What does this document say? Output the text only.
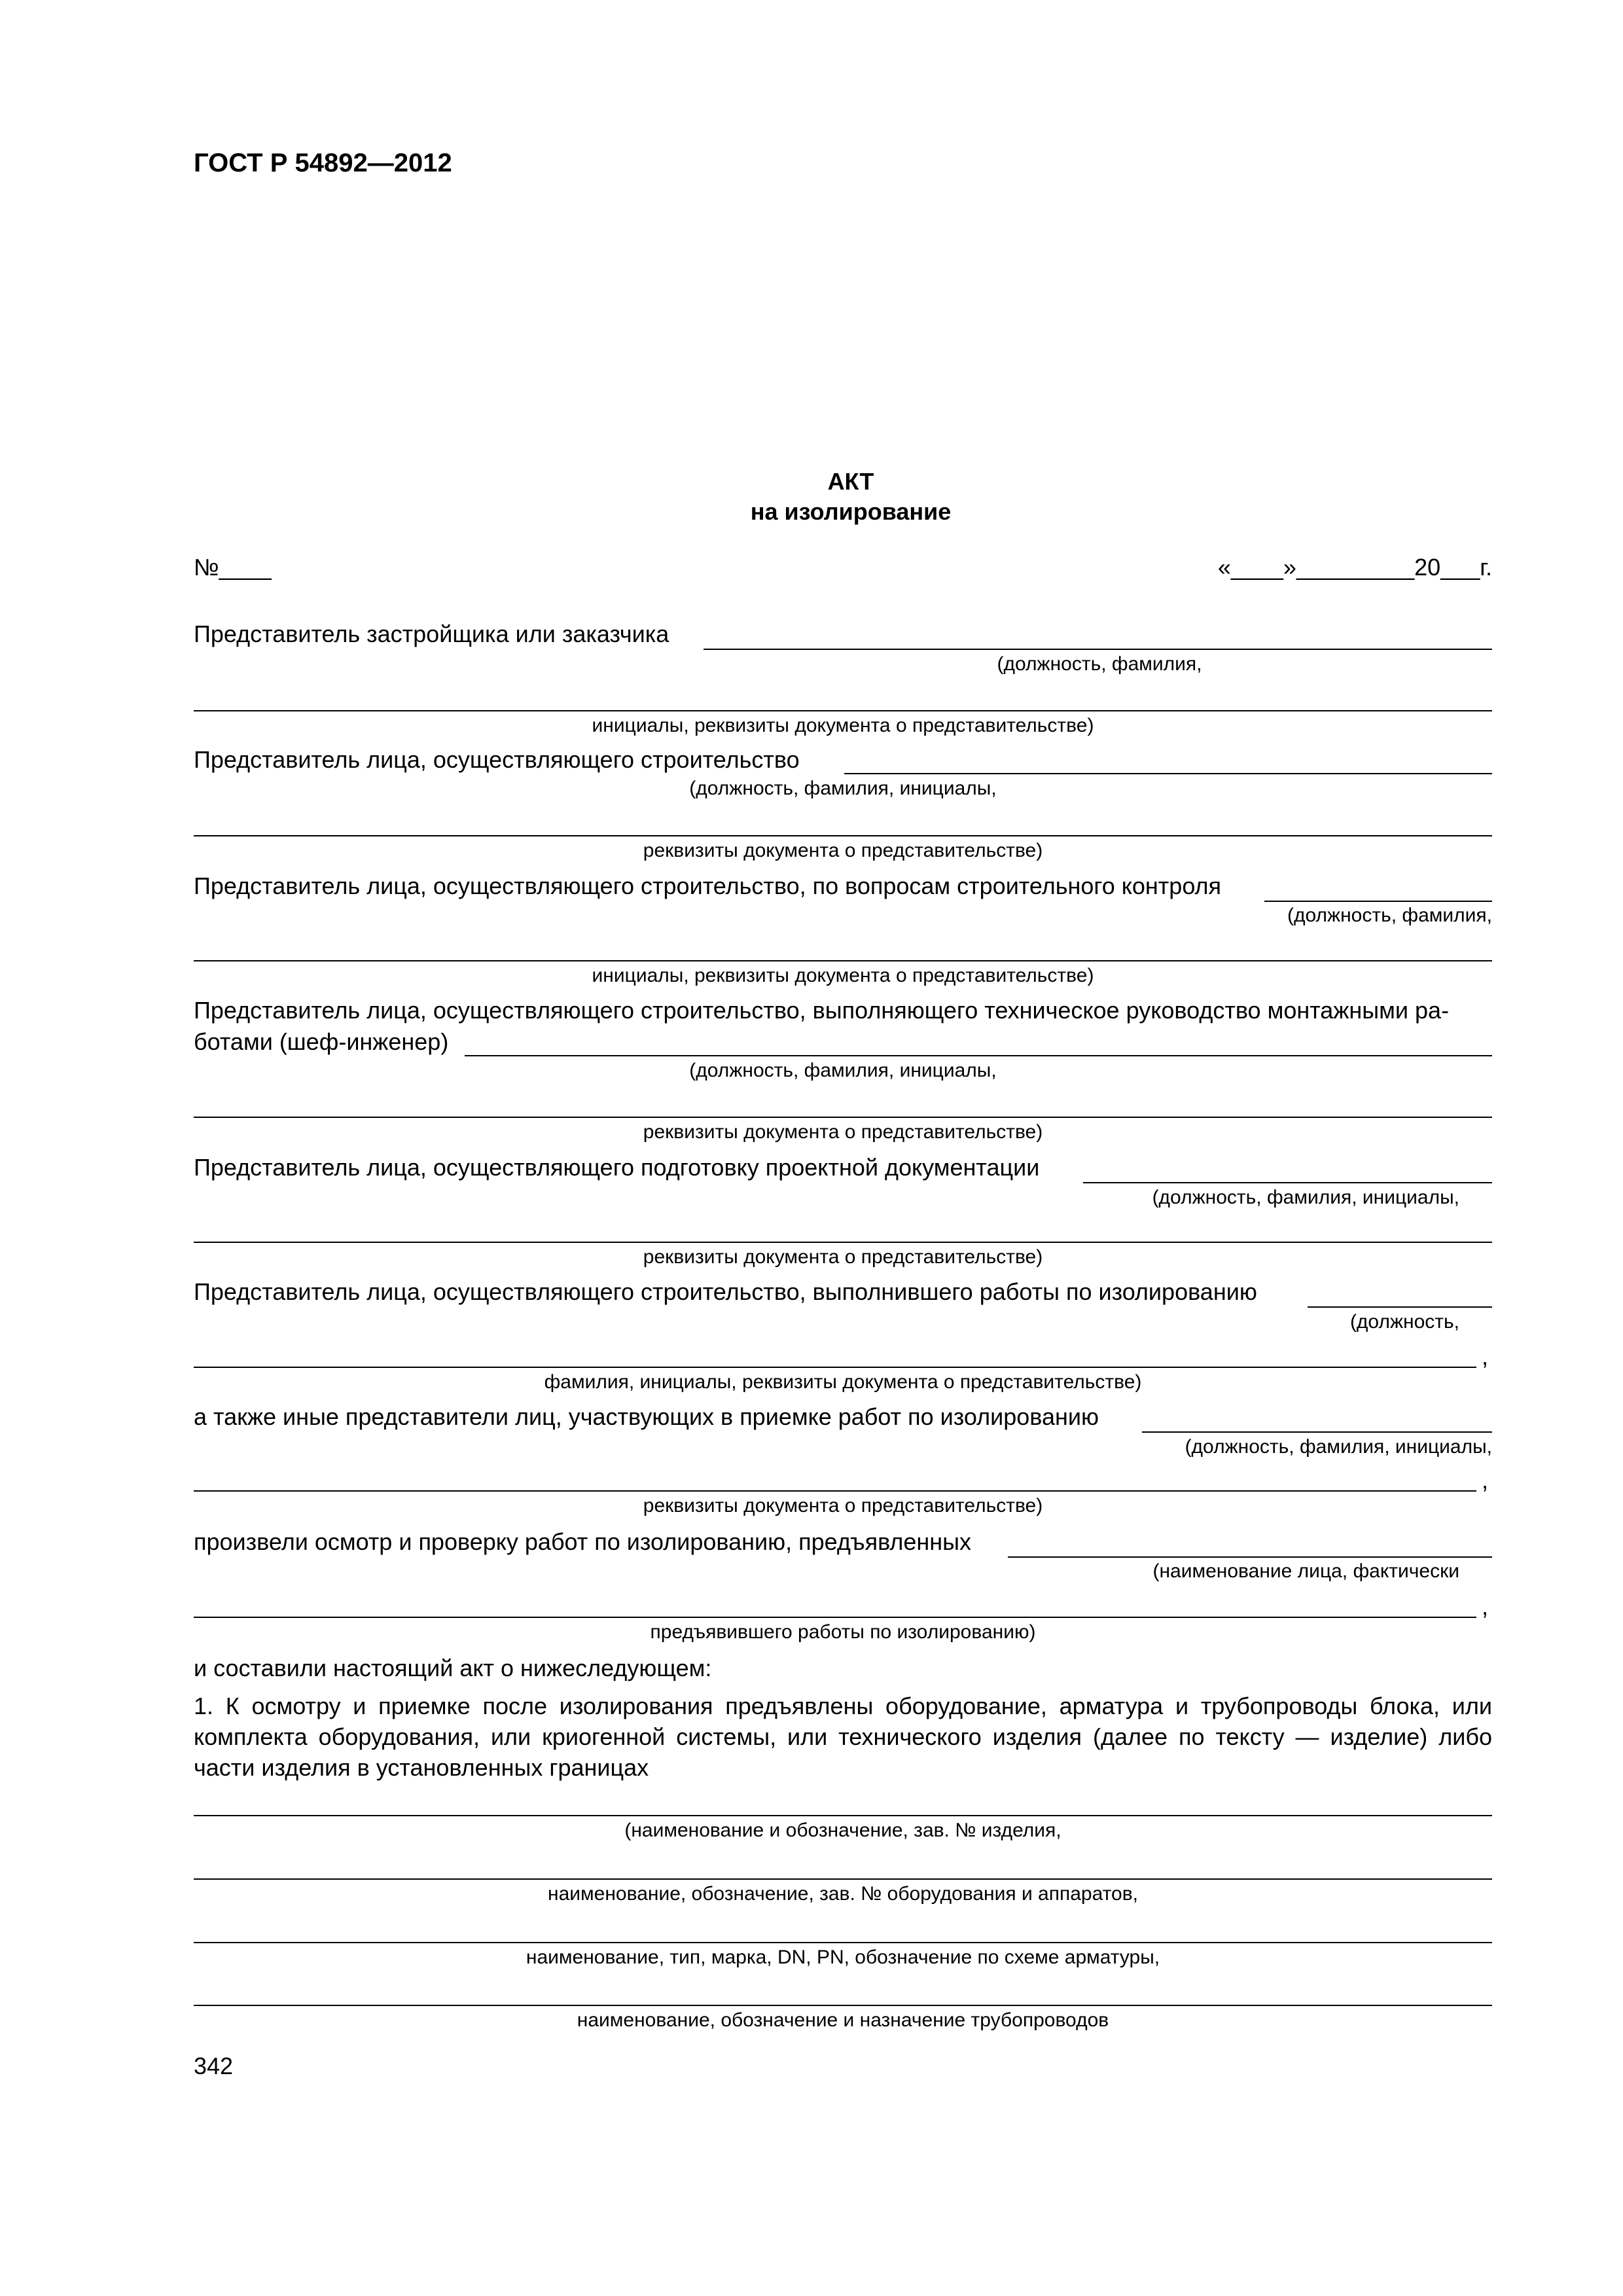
ГОСТ Р 54892—2012
АКТ
на изолирование
№____	«____»_________20___г.
Представитель застройщика или заказчика
(должность, фамилия,
инициалы, реквизиты документа о представительстве)
Представитель лица, осуществляющего строительство
(должность, фамилия, инициалы,
реквизиты документа о представительстве)
Представитель лица, осуществляющего строительство, по вопросам строительного контроля
(должность, фамилия,
инициалы, реквизиты документа о представительстве)
Представитель лица, осуществляющего строительство, выполняющего техническое руководство монтажными ра-
ботами (шеф-инженер)
(должность, фамилия, инициалы,
реквизиты документа о представительстве)
Представитель лица, осуществляющего подготовку проектной документации
(должность, фамилия, инициалы,
реквизиты документа о представительстве)
Представитель лица, осуществляющего строительство, выполнившего работы по изолированию
(должность,
,
фамилия, инициалы, реквизиты документа о представительстве)
а также иные представители лиц, участвующих в приемке работ по изолированию
(должность, фамилия, инициалы,
,
реквизиты документа о представительстве)
произвели осмотр и проверку работ по изолированию, предъявленных
(наименование лица, фактически
,
предъявившего работы по изолированию)
и составили настоящий акт о нижеследующем:
1. К осмотру и приемке после изолирования предъявлены оборудование, арматура и трубопроводы блока, или
комплекта оборудования, или криогенной системы, или технического изделия (далее по тексту — изделие) либо
части изделия в установленных границах
(наименование и обозначение, зав. № изделия,
наименование, обозначение, зав. № оборудования и аппаратов,
наименование, тип, марка, DN, PN, обозначение по схеме арматуры,
наименование, обозначение и назначение трубопроводов
342
